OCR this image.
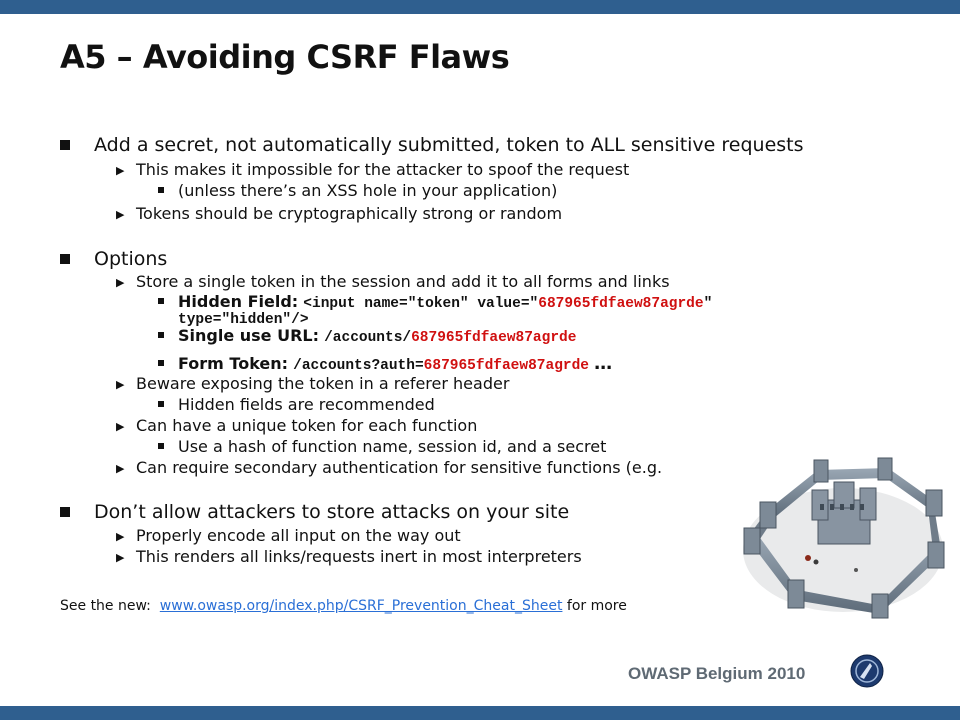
A5 – Avoiding CSRF Flaws
Add a secret, not automatically submitted, token to ALL sensitive requests
▶ This makes it impossible for the attacker to spoof the request
(unless there’s an XSS hole in your application)
▶ Tokens should be cryptographically strong or random
Options
▶ Store a single token in the session and add it to all forms and links
Hidden Field: <input name="token" value="687965fdfaew87agrde"
type="hidden"/>
Single use URL: /accounts/687965fdfaew87agrde
Form Token: /accounts?auth=687965fdfaew87agrde …
▶ Beware exposing the token in a referer header
Hidden fields are recommended
▶ Can have a unique token for each function
Use a hash of function name, session id, and a secret
▶ Can require secondary authentication for sensitive functions (e.g.
Don’t allow attackers to store attacks on your site
▶ Properly encode all input on the way out
▶ This renders all links/requests inert in most interpreters
See the new: www.owasp.org/index.php/CSRF_Prevention_Cheat_Sheet for more
OWASP Belgium 2010
